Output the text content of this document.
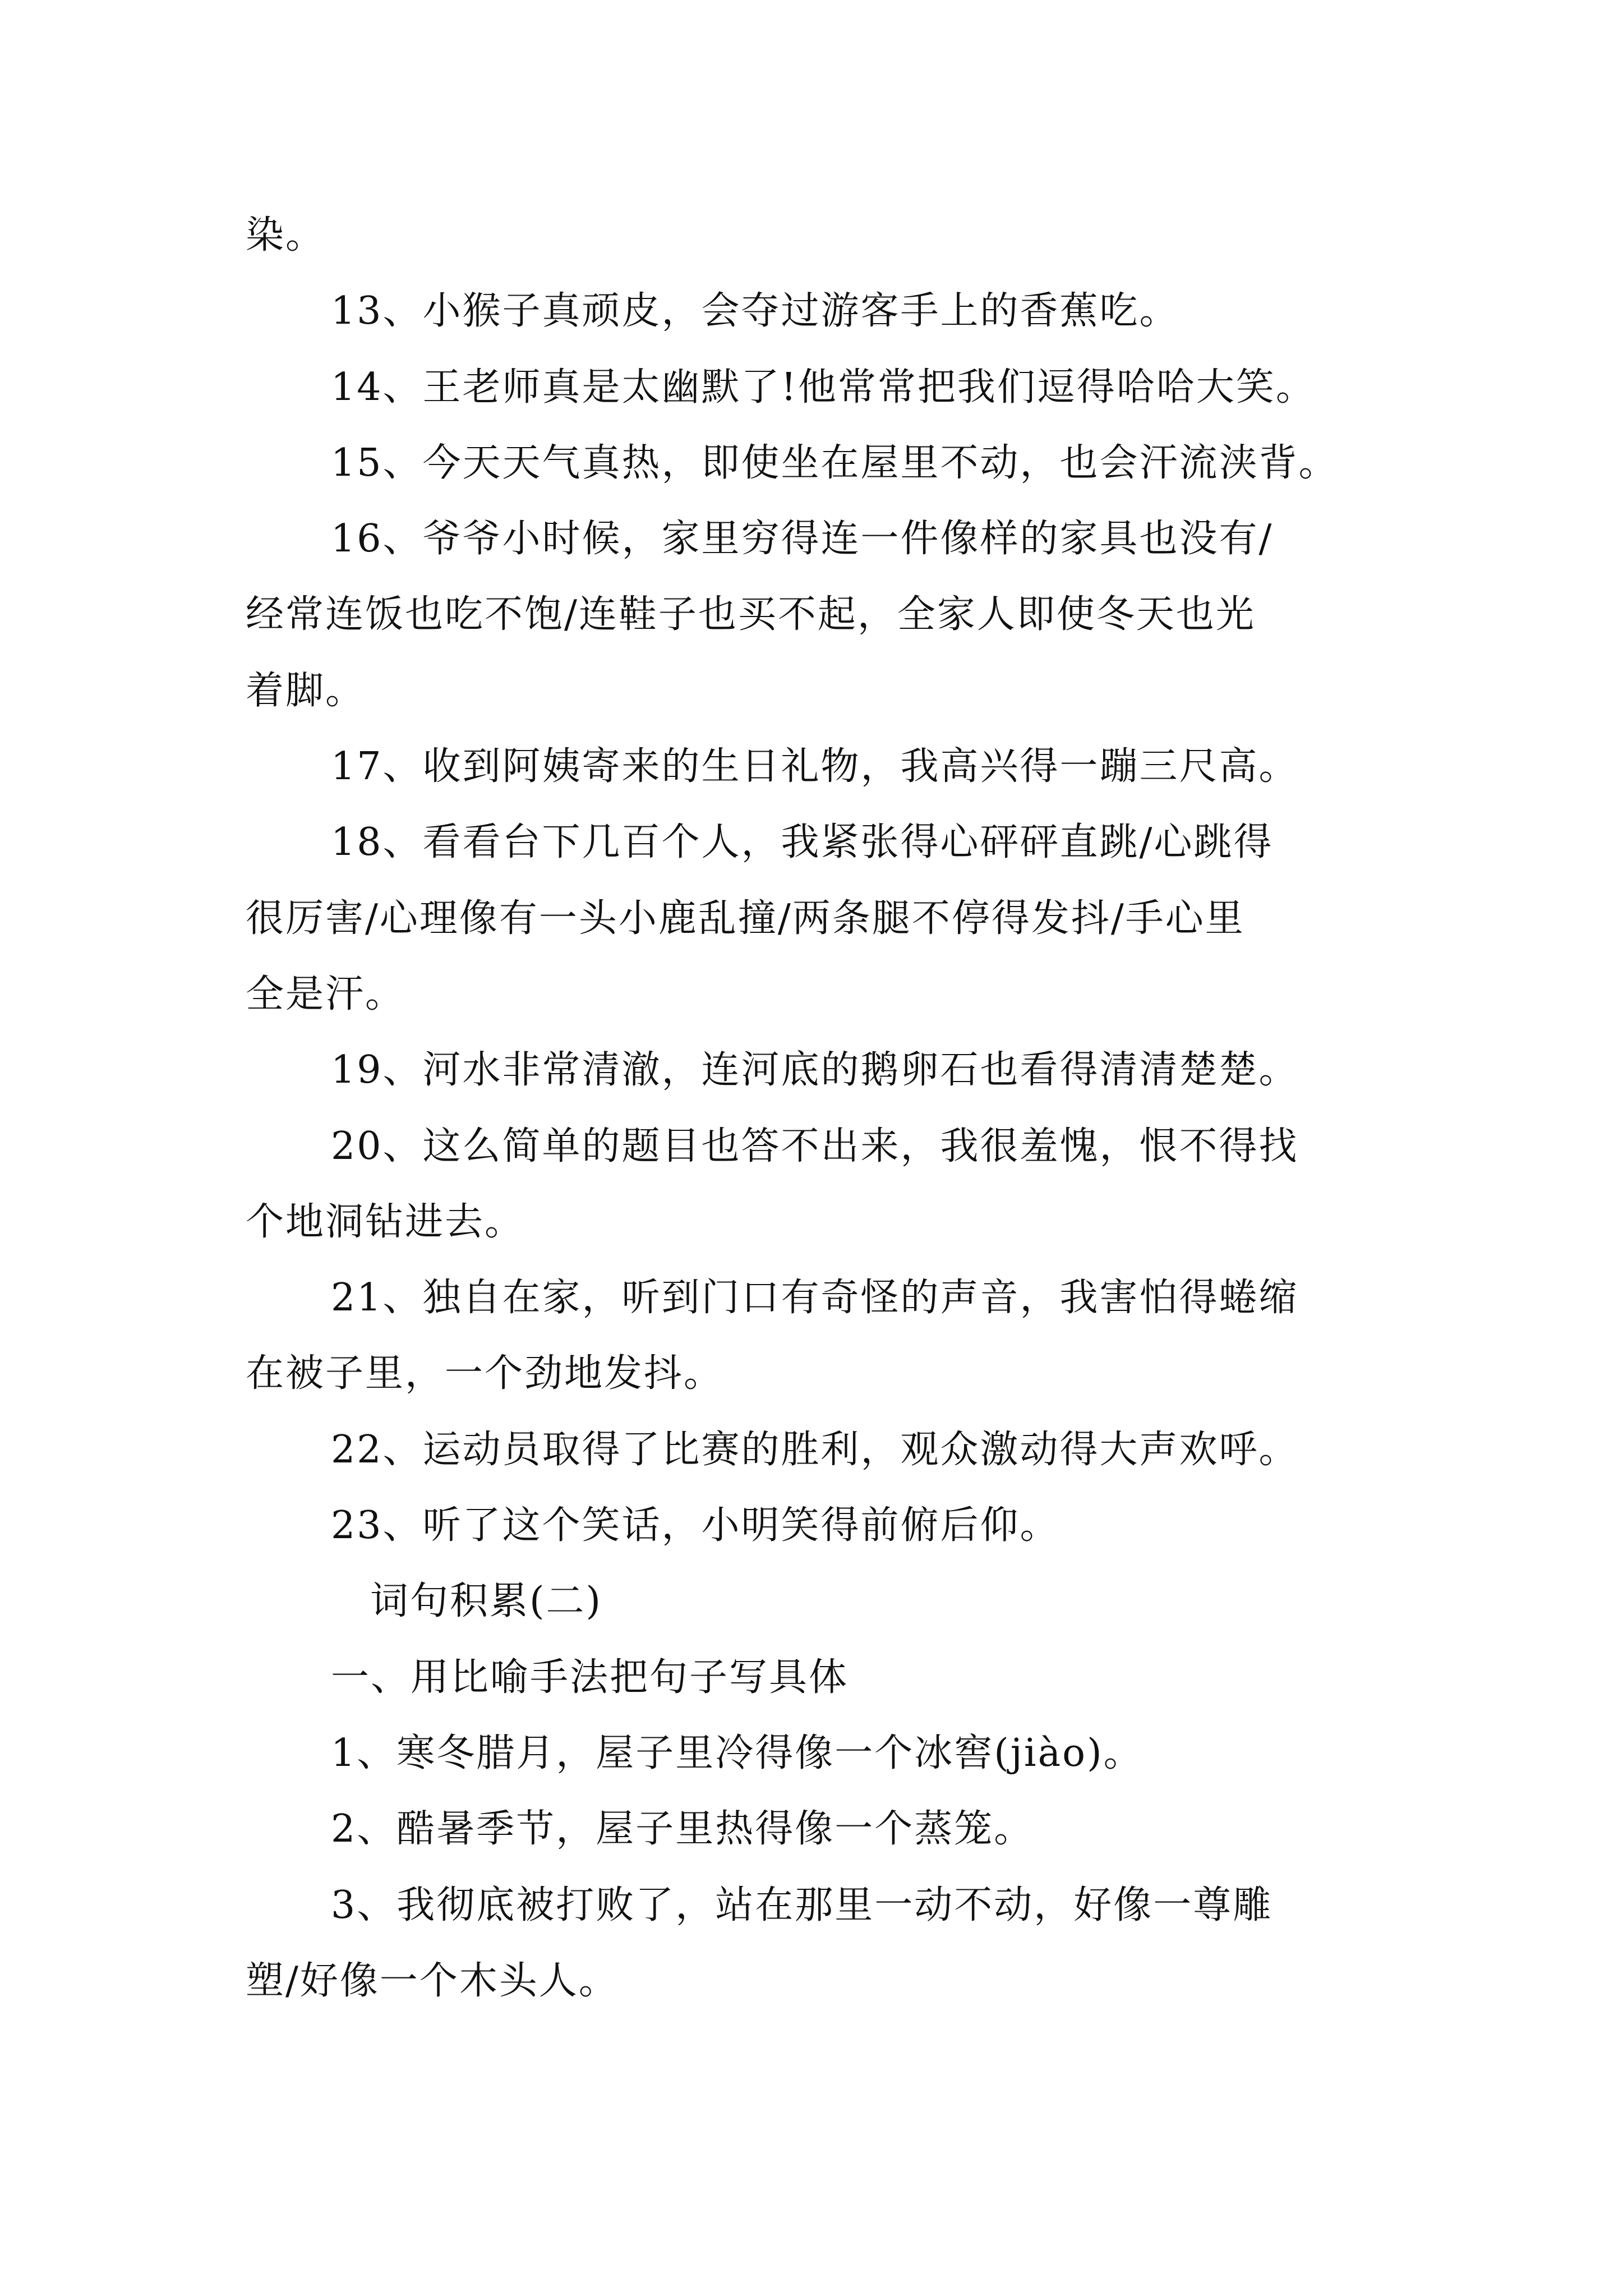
染。
13、小猴子真顽皮，会夺过游客手上的香蕉吃。
14、王老师真是太幽默了!他常常把我们逗得哈哈大笑。
15、今天天气真热，即使坐在屋里不动，也会汗流浃背。
16、爷爷小时候，家里穷得连一件像样的家具也没有/
经常连饭也吃不饱/连鞋子也买不起，全家人即使冬天也光
着脚。
17、收到阿姨寄来的生日礼物，我高兴得一蹦三尺高。
18、看看台下几百个人，我紧张得心砰砰直跳/心跳得
很厉害/心理像有一头小鹿乱撞/两条腿不停得发抖/手心里
全是汗。
19、河水非常清澈，连河底的鹅卵石也看得清清楚楚。
20、这么简单的题目也答不出来，我很羞愧，恨不得找
个地洞钻进去。
21、独自在家，听到门口有奇怪的声音，我害怕得蜷缩
在被子里，一个劲地发抖。
22、运动员取得了比赛的胜利，观众激动得大声欢呼。
23、听了这个笑话，小明笑得前俯后仰。
词句积累(二)
一、用比喻手法把句子写具体
1、寒冬腊月，屋子里冷得像一个冰窖(jiào)。
2、酷暑季节，屋子里热得像一个蒸笼。
3、我彻底被打败了，站在那里一动不动，好像一尊雕
塑/好像一个木头人。
